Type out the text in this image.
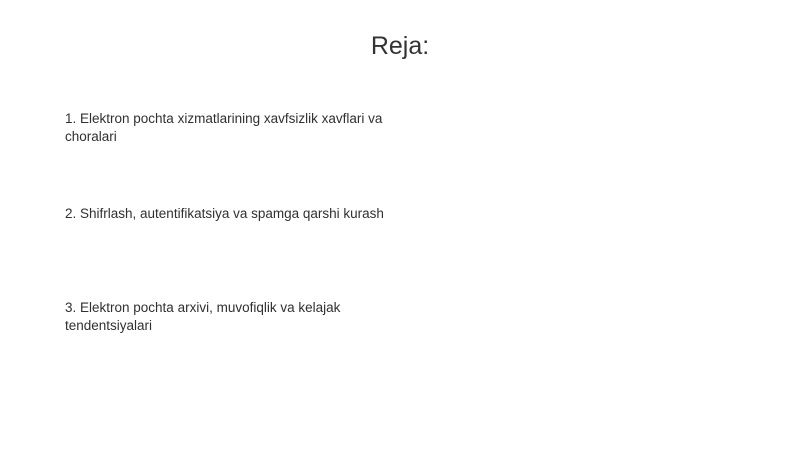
Reja:
1. Elektron pochta xizmatlarining xavfsizlik xavflari va choralari
2. Shifrlash, autentifikatsiya va spamga qarshi kurash
3. Elektron pochta arxivi, muvofiqlik va kelajak tendentsiyalari
